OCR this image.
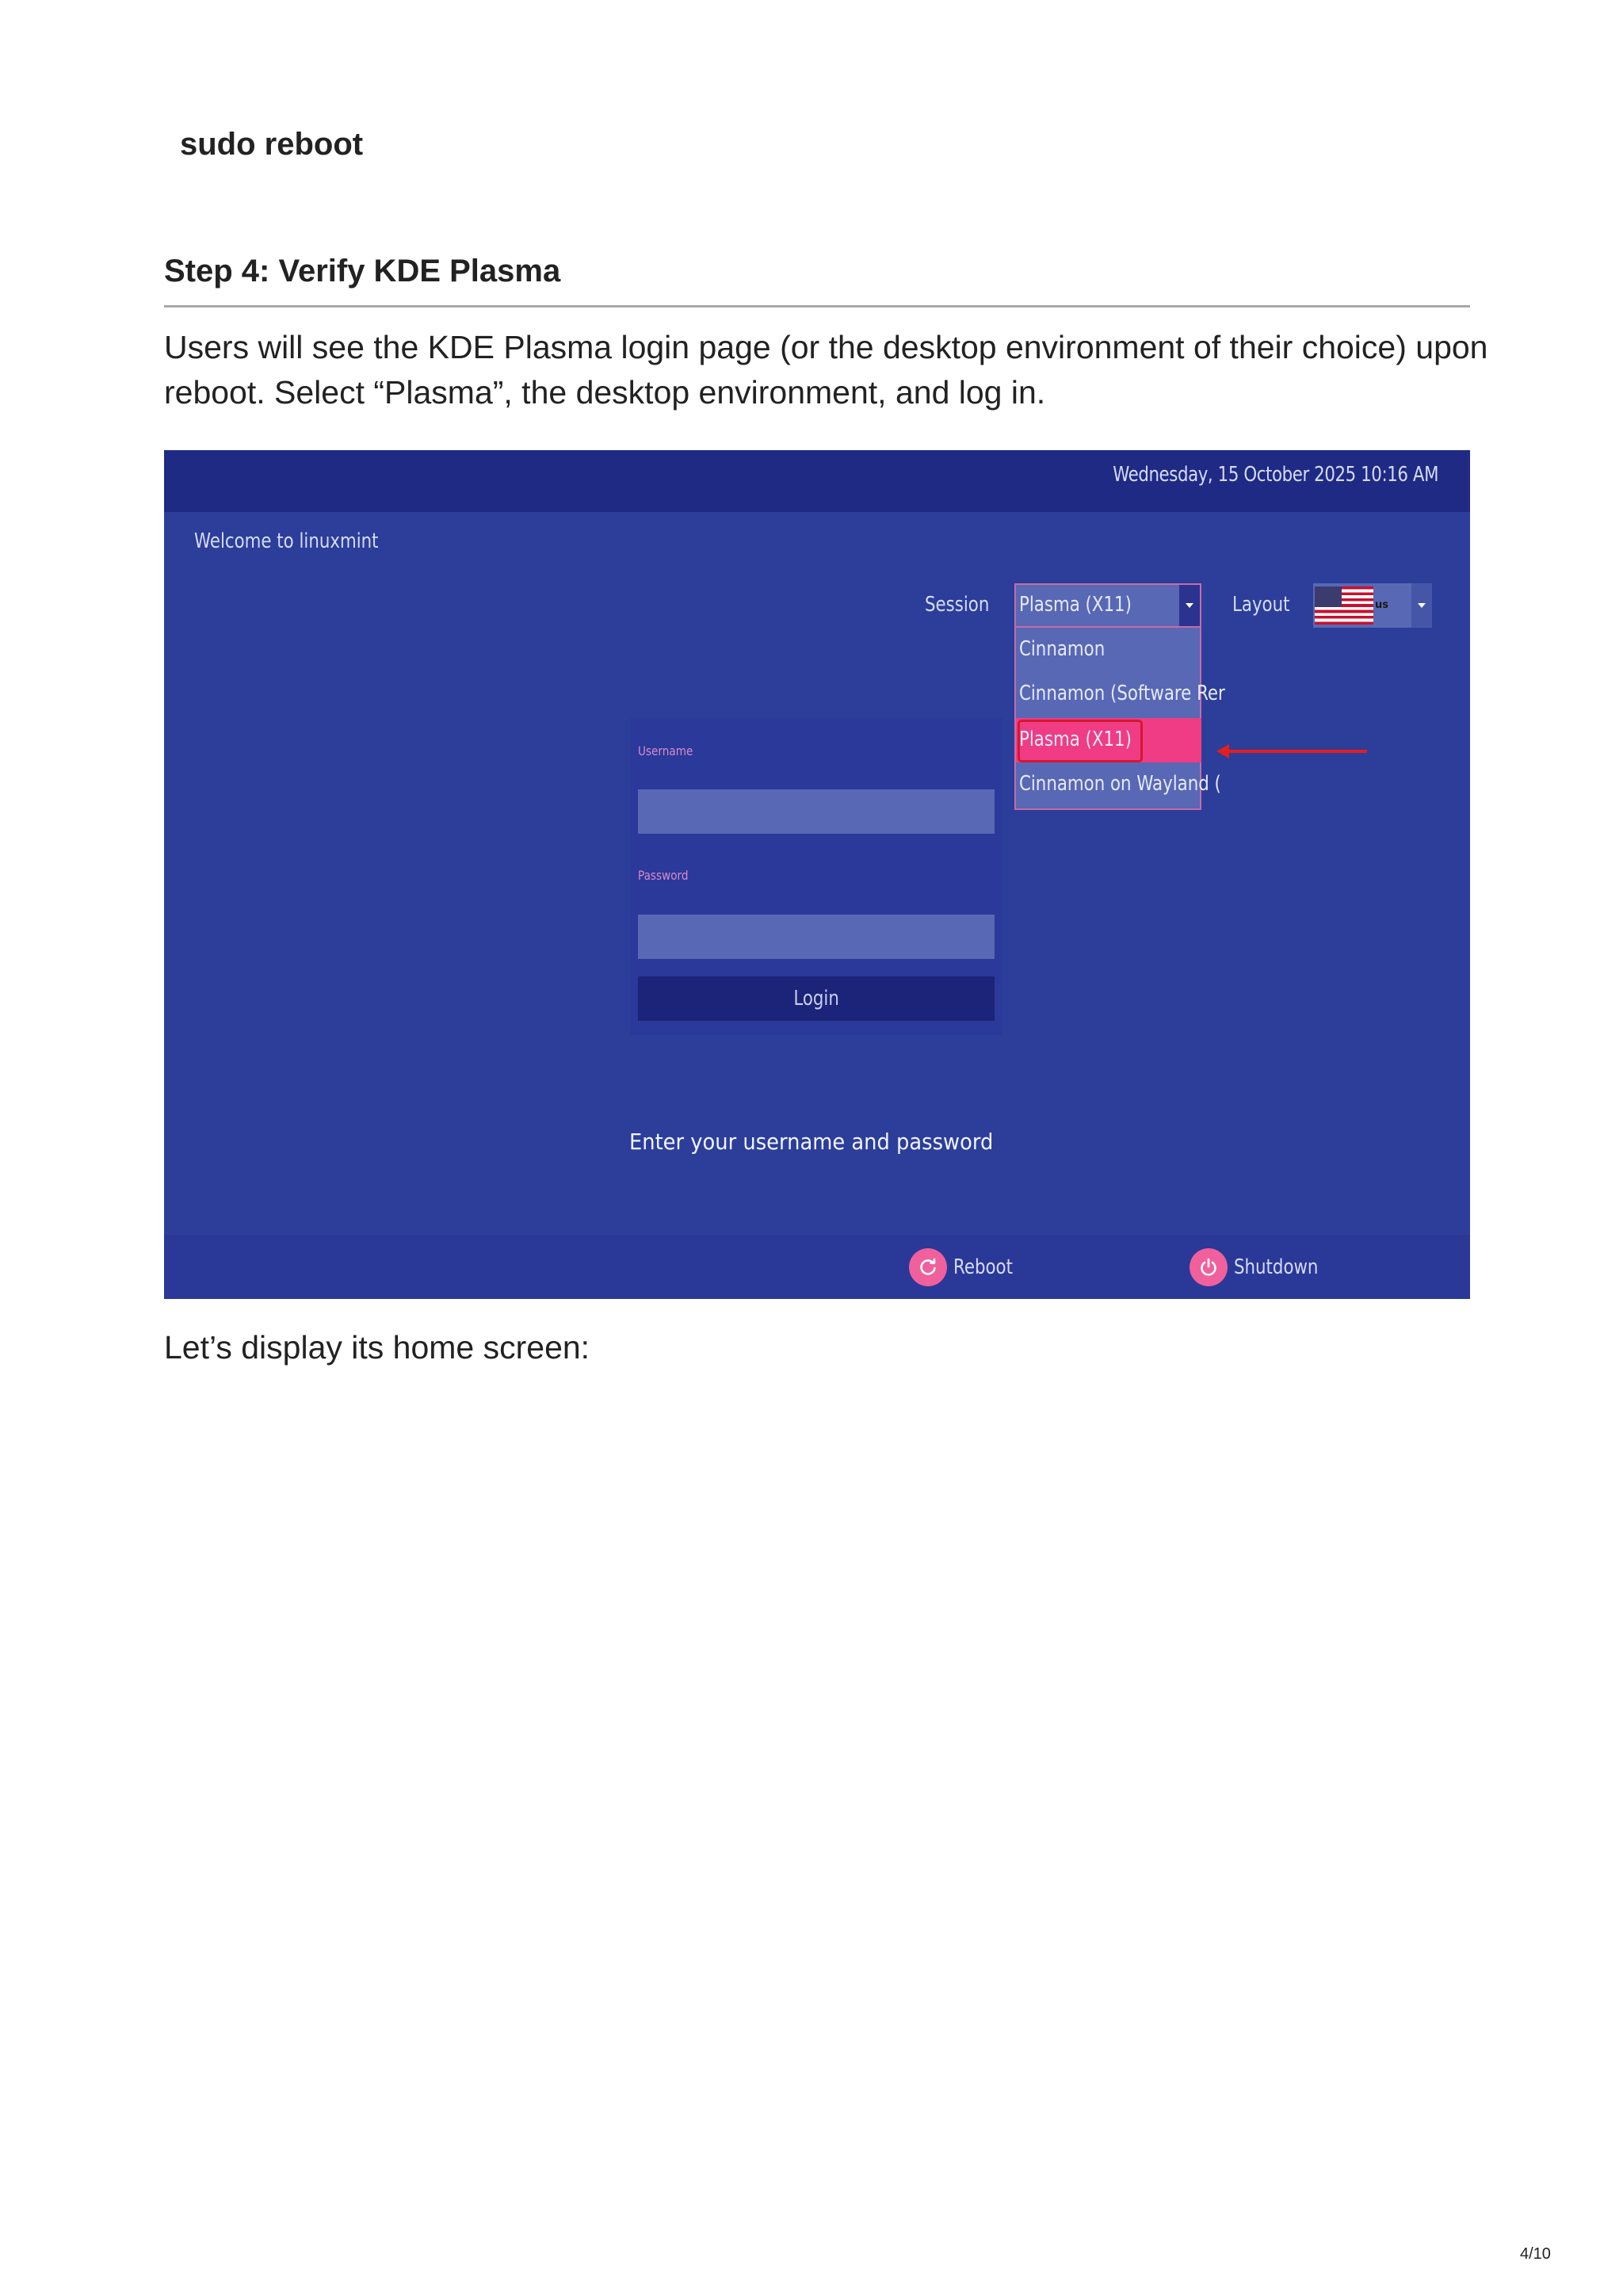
sudo reboot
Step 4: Verify KDE Plasma
Users will see the KDE Plasma login page (or the desktop environment of their choice) upon reboot. Select “Plasma”, the desktop environment, and log in.
Wednesday, 15 October 2025 10:16 AM
Welcome to linuxmint
Session Plasma (X11)
Cinnamon
Cinnamon (Software Rer
Plasma (X11)
Cinnamon on Wayland (
Layout	us
Username
Password
Login
Enter your username and password
Reboot	Shutdown
Let’s display its home screen:
4/10
